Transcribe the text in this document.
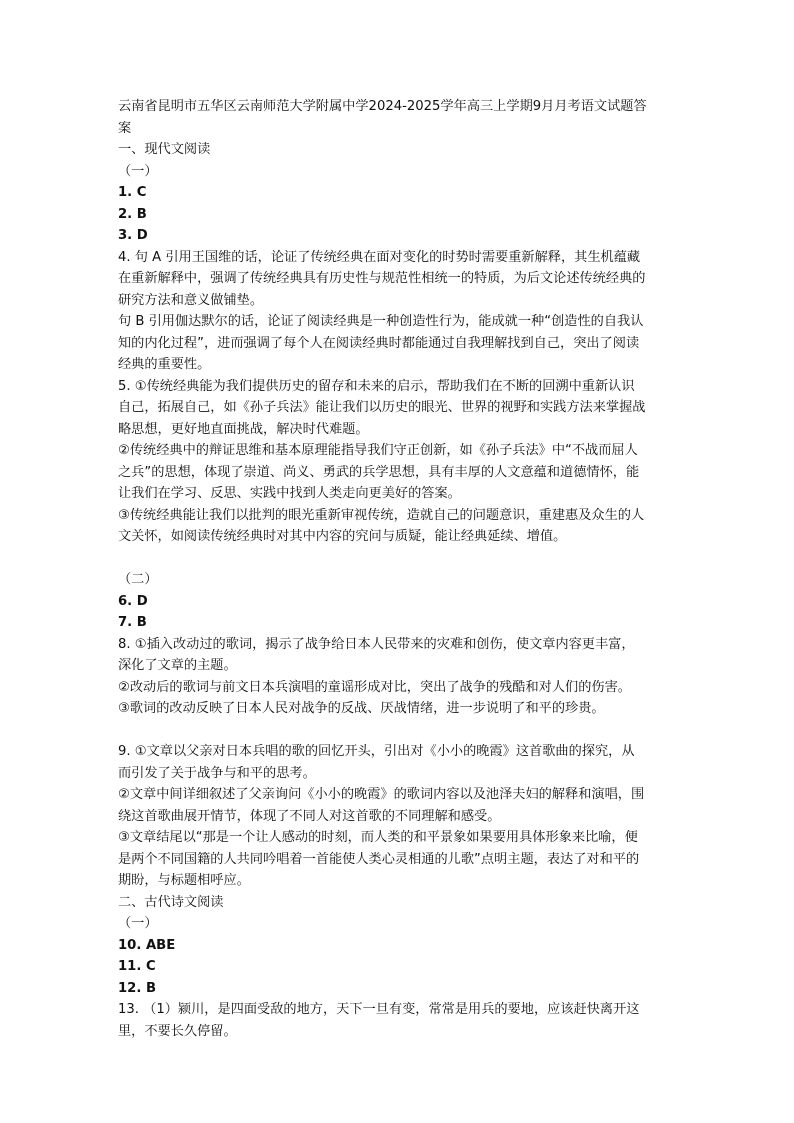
云南省昆明市五华区云南师范大学附属中学2024-2025学年高三上学期9月月考语文试题答
案
一、现代文阅读
（一）
1. C
2. B
3. D
4. 句 A 引用王国维的话，论证了传统经典在面对变化的时势时需要重新解释，其生机蕴藏
在重新解释中，强调了传统经典具有历史性与规范性相统一的特质，为后文论述传统经典的
研究方法和意义做铺垫。
句 B 引用伽达默尔的话，论证了阅读经典是一种创造性行为，能成就一种“创造性的自我认
知的内化过程”，进而强调了每个人在阅读经典时都能通过自我理解找到自己，突出了阅读
经典的重要性。
5. ①传统经典能为我们提供历史的留存和未来的启示，帮助我们在不断的回溯中重新认识
自己，拓展自己，如《孙子兵法》能让我们以历史的眼光、世界的视野和实践方法来掌握战
略思想，更好地直面挑战，解决时代难题。
②传统经典中的辩证思维和基本原理能指导我们守正创新，如《孙子兵法》中“不战而屈人
之兵”的思想，体现了崇道、尚义、勇武的兵学思想，具有丰厚的人文意蕴和道德情怀，能
让我们在学习、反思、实践中找到人类走向更美好的答案。
③传统经典能让我们以批判的眼光重新审视传统，造就自己的问题意识，重建惠及众生的人
文关怀，如阅读传统经典时对其中内容的究问与质疑，能让经典延续、增值。
（二）
6. D
7. B
8. ①插入改动过的歌词，揭示了战争给日本人民带来的灾难和创伤，使文章内容更丰富，
深化了文章的主题。
②改动后的歌词与前文日本兵演唱的童谣形成对比，突出了战争的残酷和对人们的伤害。
③歌词的改动反映了日本人民对战争的反战、厌战情绪，进一步说明了和平的珍贵。
9. ①文章以父亲对日本兵唱的歌的回忆开头，引出对《小小的晚霞》这首歌曲的探究，从
而引发了关于战争与和平的思考。
②文章中间详细叙述了父亲询问《小小的晚霞》的歌词内容以及池泽夫妇的解释和演唱，围
绕这首歌曲展开情节，体现了不同人对这首歌的不同理解和感受。
③文章结尾以“那是一个让人感动的时刻，而人类的和平景象如果要用具体形象来比喻，便
是两个不同国籍的人共同吟唱着一首能使人类心灵相通的儿歌”点明主题，表达了对和平的
期盼，与标题相呼应。
二、古代诗文阅读
（一）
10. ABE
11. C
12. B
13. （1）颍川，是四面受敌的地方，天下一旦有变，常常是用兵的要地，应该赶快离开这
里，不要长久停留。
